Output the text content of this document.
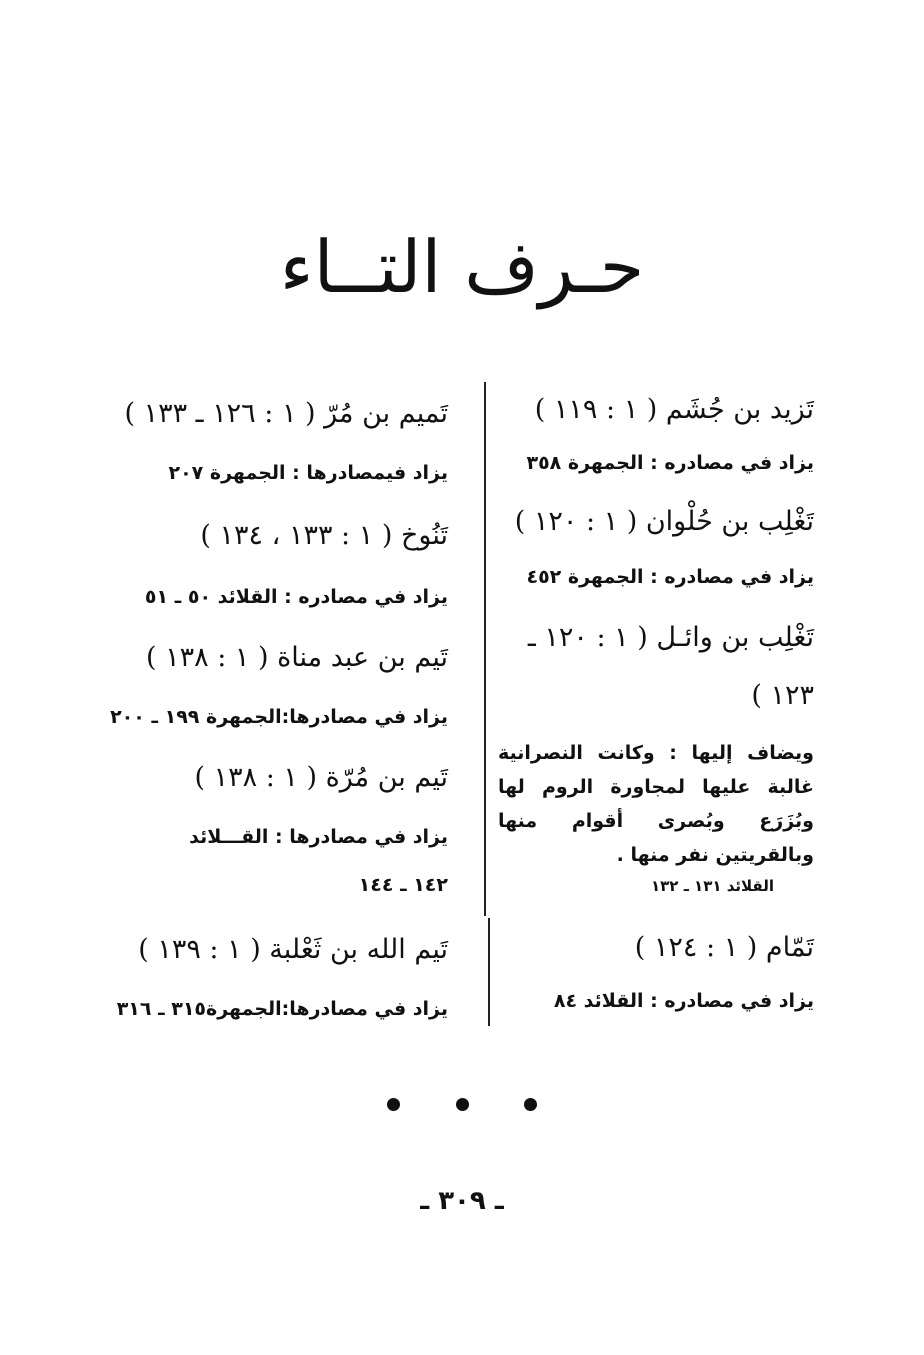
حـرف التــاء
تَزيد بن جُشَم ( ١ : ١١٩ )
يزاد في مصادره : الجمهرة ٣٥٨
تَغْلِب بن حُلْوان ( ١ : ١٢٠ )
يزاد في مصادره : الجمهرة ٤٥٢
تَغْلِب بن وائـل ( ١ : ١٢٠ ـ
١٢٣ )
ويضاف إليها : وكانت النصرانية غالبة عليها لمجاورة الروم لها وبُزَرَع وبُصرى أقوام منها وبالقريتين نفر منها .
القلائد ١٣١ ـ ١٣٢
تَمّام ( ١ : ١٢٤ )
يزاد في مصادره : القلائد ٨٤
تَميم بن مُرّ ( ١ : ١٢٦ ـ ١٣٣ )
يزاد فيمصادرها : الجمهرة ٢٠٧
تَنُوخ ( ١ : ١٣٣ ، ١٣٤ )
يزاد في مصادره : القلائد ٥٠ ـ ٥١
تَيم بن عبد مناة ( ١ : ١٣٨ )
يزاد في مصادرها:الجمهرة ١٩٩ ـ ٢٠٠
تَيم بن مُرّة ( ١ : ١٣٨ )
يزاد في مصادرها : القـــلائد
١٤٢ ـ ١٤٤
تَيم الله بن ثَعْلبة ( ١ : ١٣٩ )
يزاد في مصادرها:الجمهرة٣١٥ ـ ٣١٦

ـ ٣٠٩ ـ
